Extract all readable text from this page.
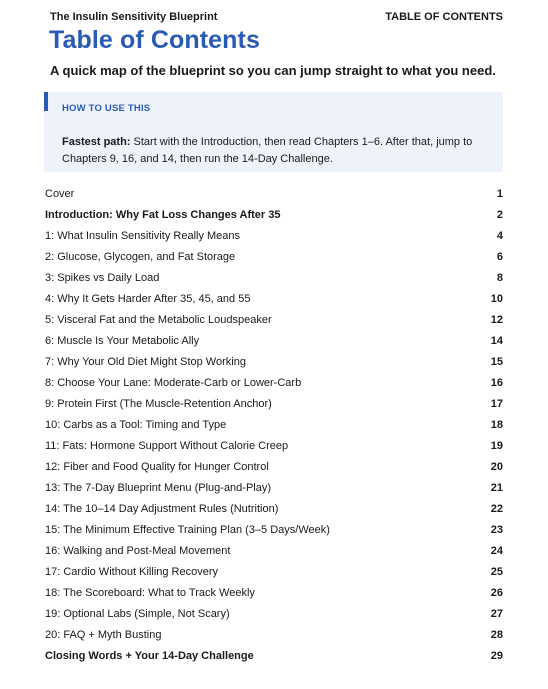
The Insulin Sensitivity Blueprint	TABLE OF CONTENTS
Table of Contents
A quick map of the blueprint so you can jump straight to what you need.
HOW TO USE THIS
Fastest path: Start with the Introduction, then read Chapters 1–6. After that, jump to Chapters 9, 16, and 14, then run the 14-Day Challenge.
Cover	1
Introduction: Why Fat Loss Changes After 35	2
1: What Insulin Sensitivity Really Means	4
2: Glucose, Glycogen, and Fat Storage	6
3: Spikes vs Daily Load	8
4: Why It Gets Harder After 35, 45, and 55	10
5: Visceral Fat and the Metabolic Loudspeaker	12
6: Muscle Is Your Metabolic Ally	14
7: Why Your Old Diet Might Stop Working	15
8: Choose Your Lane: Moderate-Carb or Lower-Carb	16
9: Protein First (The Muscle-Retention Anchor)	17
10: Carbs as a Tool: Timing and Type	18
11: Fats: Hormone Support Without Calorie Creep	19
12: Fiber and Food Quality for Hunger Control	20
13: The 7-Day Blueprint Menu (Plug-and-Play)	21
14: The 10–14 Day Adjustment Rules (Nutrition)	22
15: The Minimum Effective Training Plan (3–5 Days/Week)	23
16: Walking and Post-Meal Movement	24
17: Cardio Without Killing Recovery	25
18: The Scoreboard: What to Track Weekly	26
19: Optional Labs (Simple, Not Scary)	27
20: FAQ + Myth Busting	28
Closing Words + Your 14-Day Challenge	29
